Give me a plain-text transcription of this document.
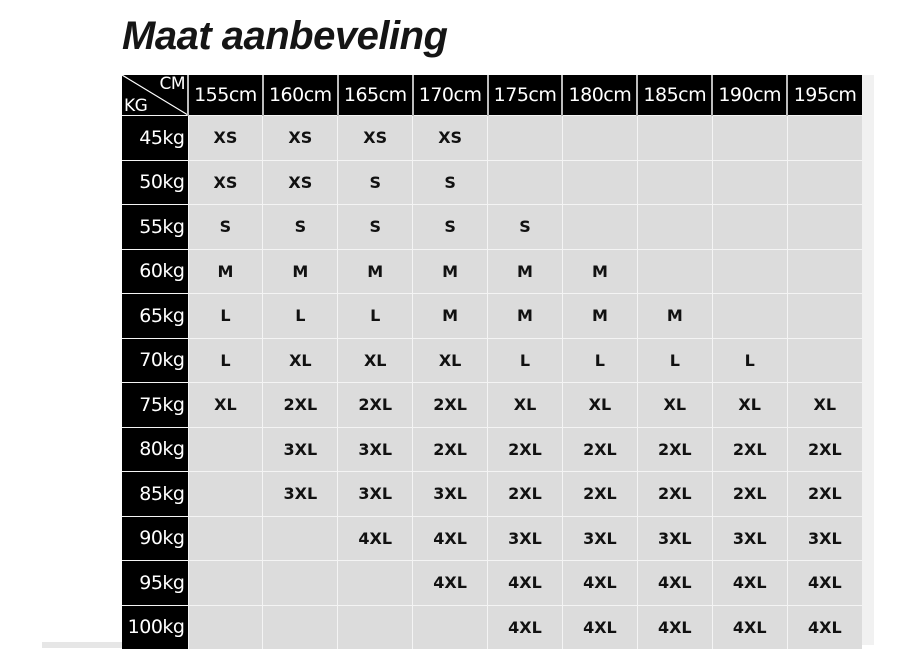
Maat aanbeveling
CM
KG	155cm	160cm	165cm	170cm	175cm	180cm	185cm	190cm	195cm
45kg	XS	XS	XS	XS					
50kg	XS	XS	S	S					
55kg	S	S	S	S	S				
60kg	M	M	M	M	M	M			
65kg	L	L	L	M	M	M	M		
70kg	L	XL	XL	XL	L	L	L	L	
75kg	XL	2XL	2XL	2XL	XL	XL	XL	XL	XL
80kg		3XL	3XL	2XL	2XL	2XL	2XL	2XL	2XL
85kg		3XL	3XL	3XL	2XL	2XL	2XL	2XL	2XL
90kg			4XL	4XL	3XL	3XL	3XL	3XL	3XL
95kg				4XL	4XL	4XL	4XL	4XL	4XL
100kg					4XL	4XL	4XL	4XL	4XL
